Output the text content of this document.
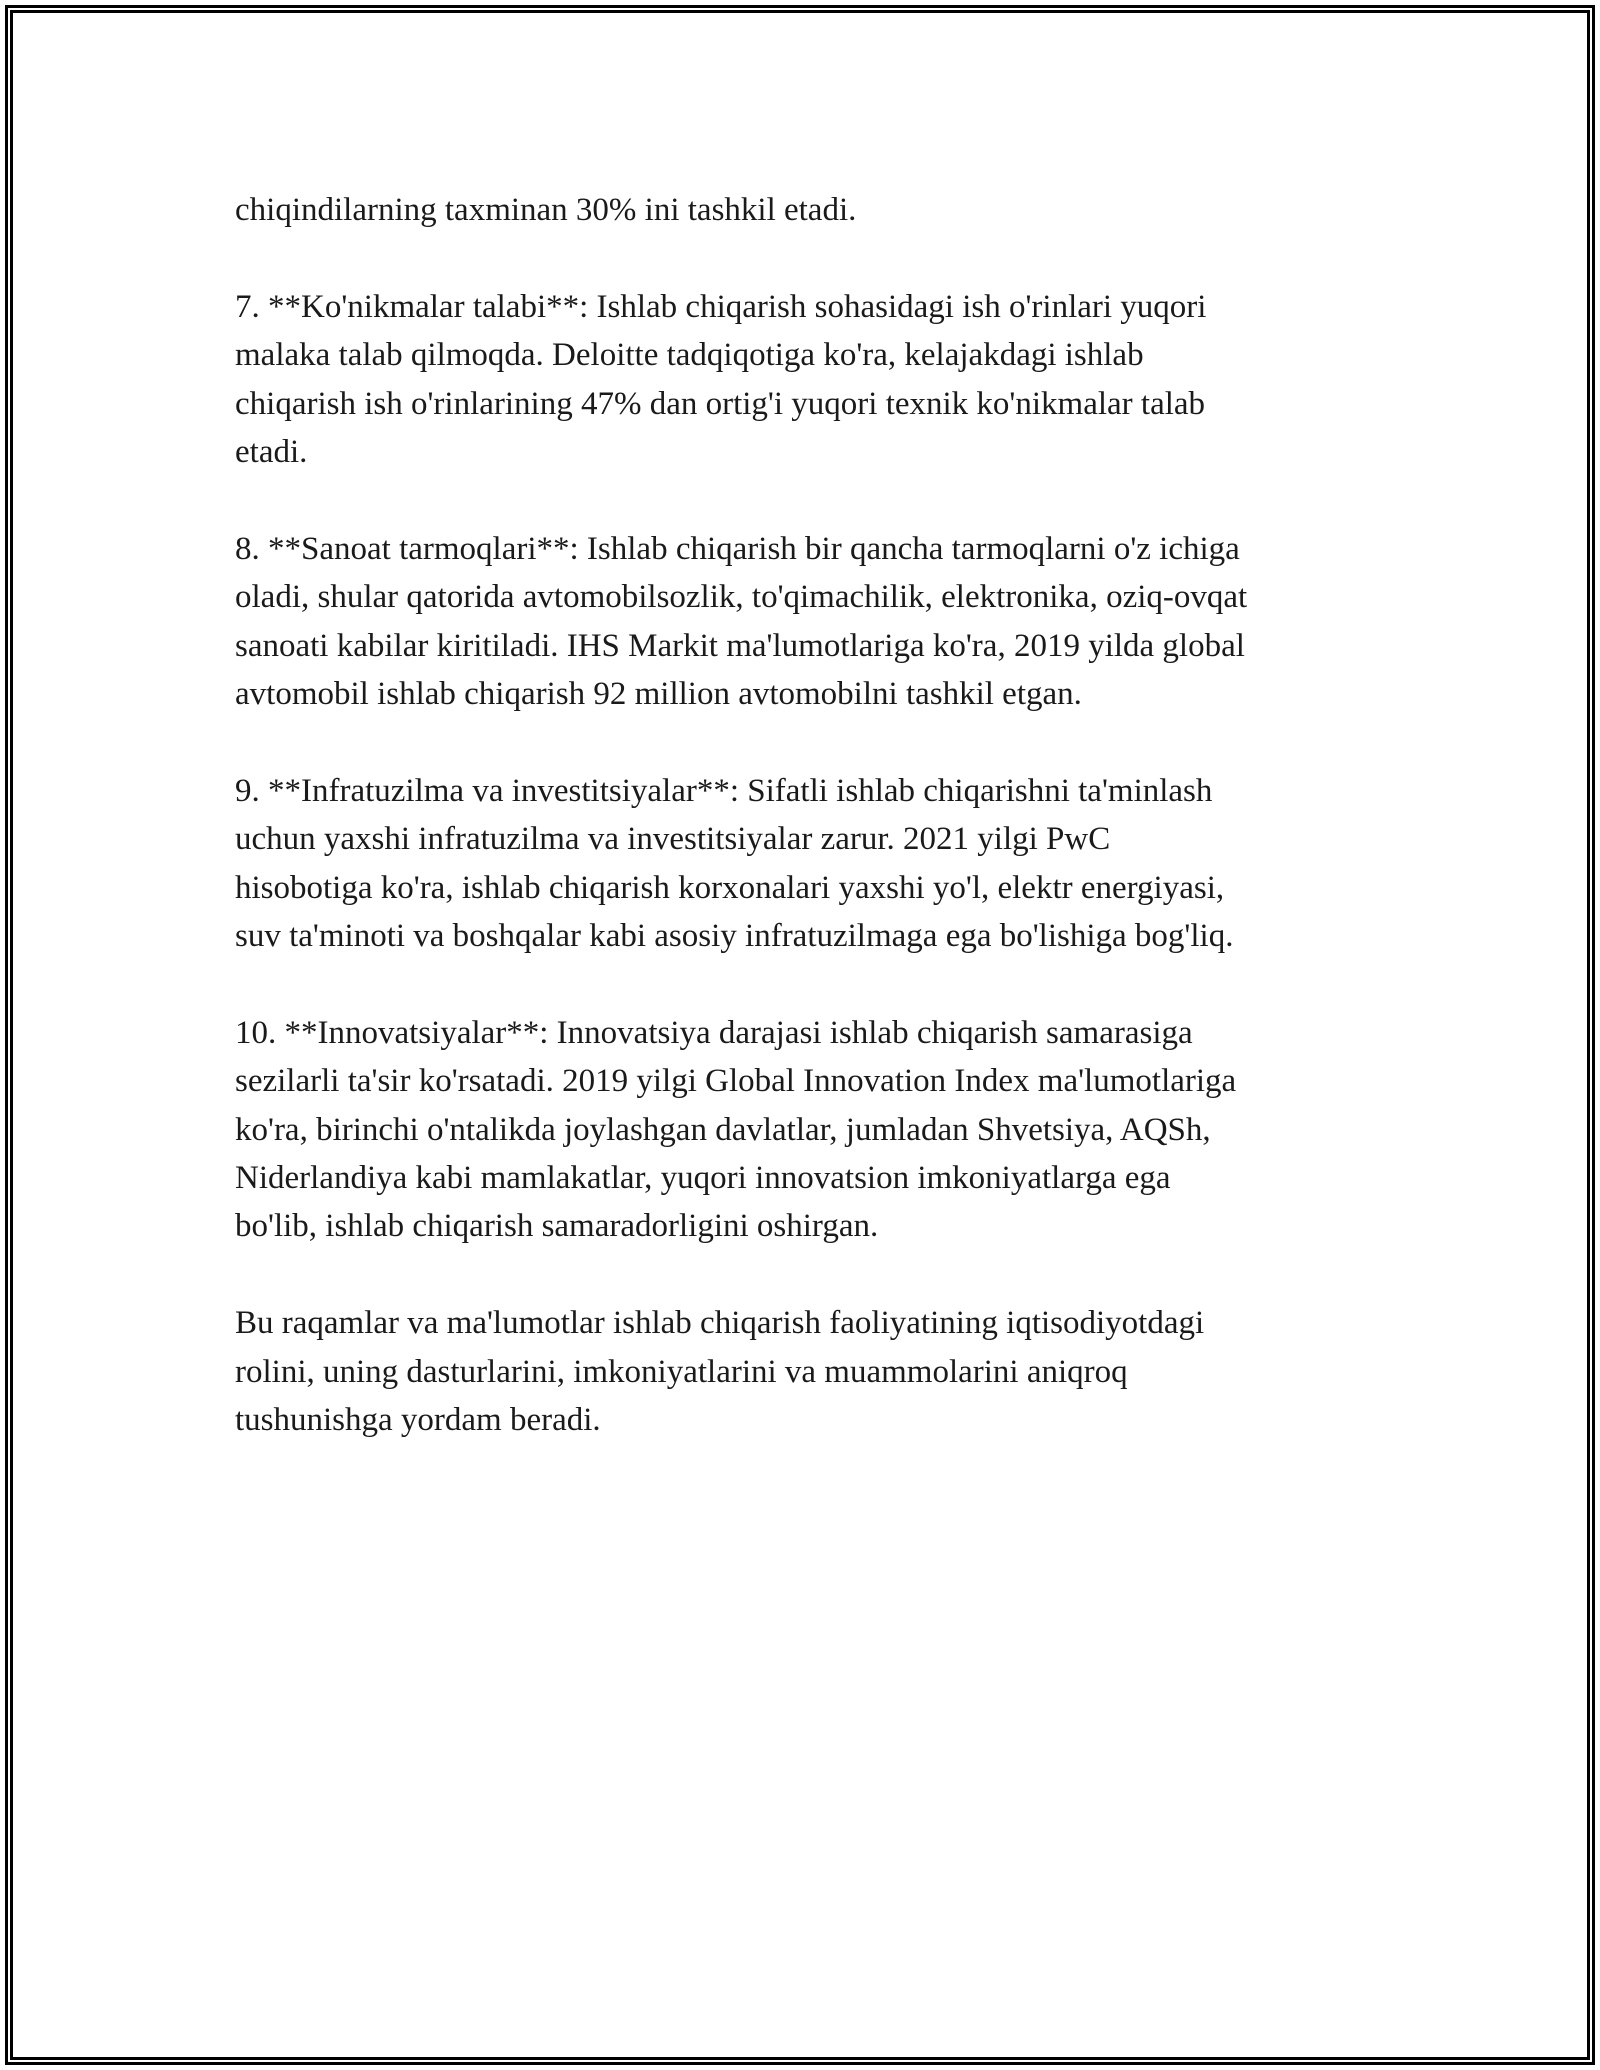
chiqindilarning taxminan 30% ini tashkil etadi.

7. **Ko'nikmalar talabi**: Ishlab chiqarish sohasidagi ish o'rinlari yuqori
malaka talab qilmoqda. Deloitte tadqiqotiga ko'ra, kelajakdagi ishlab
chiqarish ish o'rinlarining 47% dan ortig'i yuqori texnik ko'nikmalar talab
etadi.

8. **Sanoat tarmoqlari**: Ishlab chiqarish bir qancha tarmoqlarni o'z ichiga
oladi, shular qatorida avtomobilsozlik, to'qimachilik, elektronika, oziq-ovqat
sanoati kabilar kiritiladi. IHS Markit ma'lumotlariga ko'ra, 2019 yilda global
avtomobil ishlab chiqarish 92 million avtomobilni tashkil etgan.

9. **Infratuzilma va investitsiyalar**: Sifatli ishlab chiqarishni ta'minlash
uchun yaxshi infratuzilma va investitsiyalar zarur. 2021 yilgi PwC
hisobotiga ko'ra, ishlab chiqarish korxonalari yaxshi yo'l, elektr energiyasi,
suv ta'minoti va boshqalar kabi asosiy infratuzilmaga ega bo'lishiga bog'liq.

10. **Innovatsiyalar**: Innovatsiya darajasi ishlab chiqarish samarasiga
sezilarli ta'sir ko'rsatadi. 2019 yilgi Global Innovation Index ma'lumotlariga
ko'ra, birinchi o'ntalikda joylashgan davlatlar, jumladan Shvetsiya, AQSh,
Niderlandiya kabi mamlakatlar, yuqori innovatsion imkoniyatlarga ega
bo'lib, ishlab chiqarish samaradorligini oshirgan.

Bu raqamlar va ma'lumotlar ishlab chiqarish faoliyatining iqtisodiyotdagi
rolini, uning dasturlarini, imkoniyatlarini va muammolarini aniqroq
tushunishga yordam beradi.
